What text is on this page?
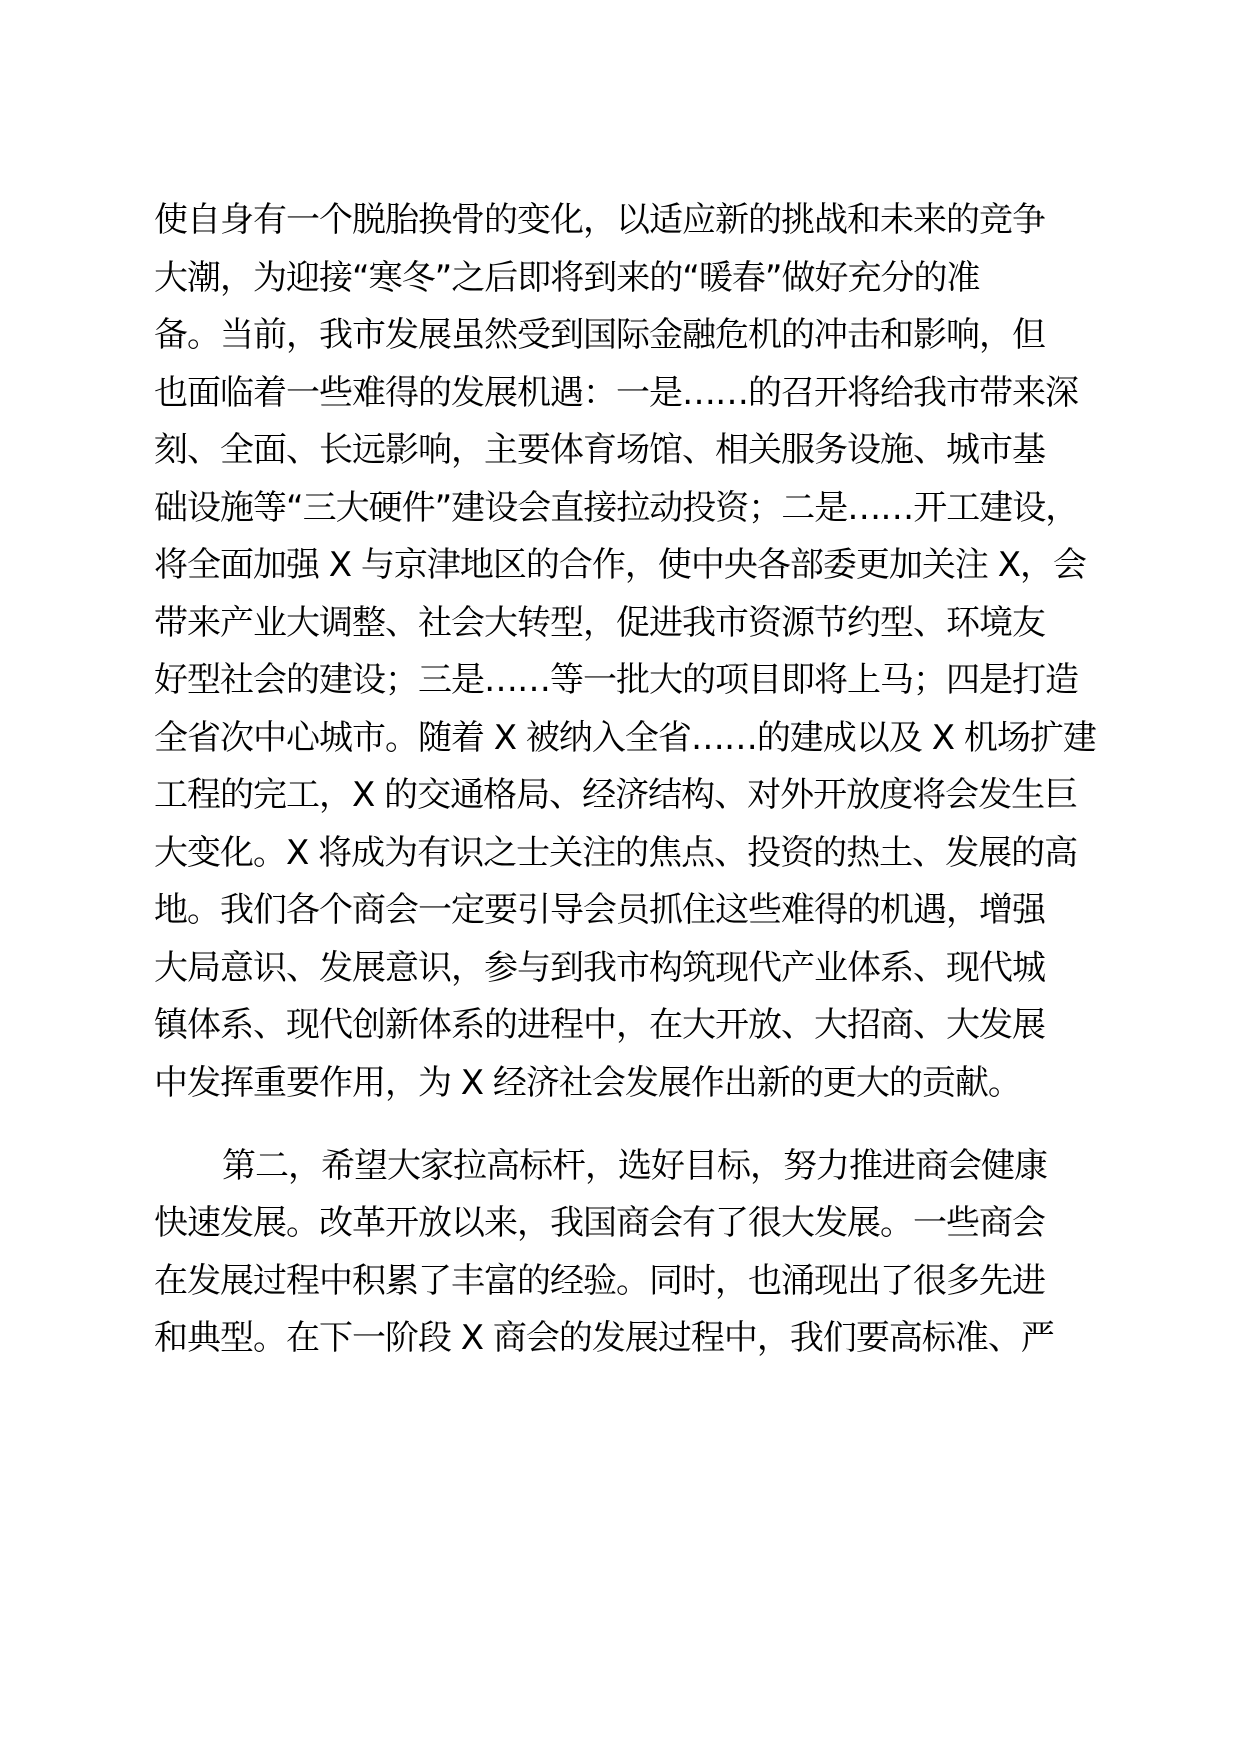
使自身有一个脱胎换骨的变化，以适应新的挑战和未来的竞争
大潮，为迎接“寒冬”之后即将到来的“暖春”做好充分的准
备。当前，我市发展虽然受到国际金融危机的冲击和影响，但
也面临着一些难得的发展机遇：一是……的召开将给我市带来深
刻、全面、长远影响，主要体育场馆、相关服务设施、城市基
础设施等“三大硬件”建设会直接拉动投资；二是……开工建设，
将全面加强 X 与京津地区的合作，使中央各部委更加关注 X，会
带来产业大调整、社会大转型，促进我市资源节约型、环境友
好型社会的建设；三是……等一批大的项目即将上马；四是打造
全省次中心城市。随着 X 被纳入全省……的建成以及 X 机场扩建
工程的完工，X 的交通格局、经济结构、对外开放度将会发生巨
大变化。X 将成为有识之士关注的焦点、投资的热土、发展的高
地。我们各个商会一定要引导会员抓住这些难得的机遇，增强
大局意识、发展意识，参与到我市构筑现代产业体系、现代城
镇体系、现代创新体系的进程中，在大开放、大招商、大发展
中发挥重要作用，为 X 经济社会发展作出新的更大的贡献。
第二，希望大家拉高标杆，选好目标，努力推进商会健康
快速发展。改革开放以来，我国商会有了很大发展。一些商会
在发展过程中积累了丰富的经验。同时，也涌现出了很多先进
和典型。在下一阶段 X 商会的发展过程中，我们要高标准、严
